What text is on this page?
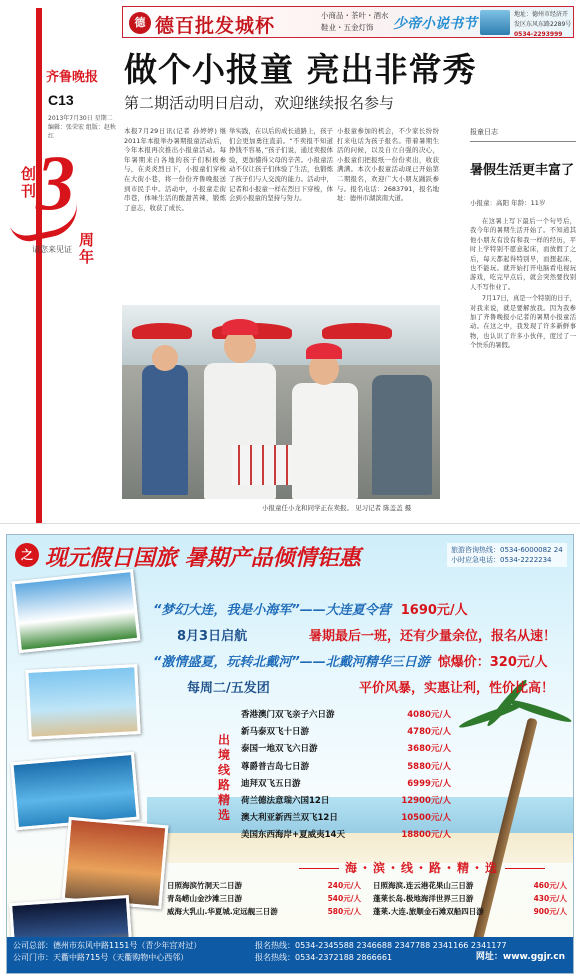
德 德百批发城杯	小商品・茶叶・酒水 鞋业・五金灯饰	少帝小说书节
地址：德州市经济开发区东风东路2289号
0534-2293999
齐鲁晚报
C13
2013年7月30日 星期二 编辑：张荣宏 组版：赵秋红
创刊 3
周年
请您来见证
做个小报童 亮出非常秀
第二期活动明日启动，欢迎继续报名参与
本报7月29日讯(记者 孙婷婷) 继2011年本报举办暑期报童活动后，今年本报再次推出小报童活动。每年暑期来自各地的孩子们积极参与，在炎炎烈日下，小报童们穿梭在大街小巷，将一份份齐鲁晚报送到市民手中。活动中，小报童走街串巷，体味生活的酸甜苦辣，锻炼了意志，收获了成长。
举实践，在以后的成长道路上，孩子们会更加勇往直前。“不卖报不知道挣钱不容易，”孩子们说，通过卖报体验，更加懂得父母的辛苦。小报童活动不仅让孩子们体验了生活，也锻炼了孩子们与人交流的能力。活动中，记者和小报童一样在烈日下穿梭，体会到小报童的坚持与努力。
小报童参加的机会，不少家长纷纷打来电话为孩子报名。带着暑期生活的问候，以及自立自强的决心，小报童们把报纸一份份卖出，收获满满。本次小报童活动现已开始第二期报名，欢迎广大小朋友踊跃参与。报名电话：2683791，报名地址：德州市湖滨南大道。
小报童任小龙和同学正在卖报。 见习记者 陈盖盖 摄
报童日志
暑假生活更丰富了
小报童：高阳 年龄：11岁

在这暑上写下最后一个句号后，我今年的暑期生活开始了。不知道其他小朋友有没有和我一样的经历，平时上学特别不愿意起床，而放假了之后，每天都起得特别早，而想起床，也不能玩。就开始打开电脑看电视玩游戏，吃完早点后，就会突然要找别人不写作业了。

7月17日，真是一个特别的日子，对我来说，就是要解放我。因为我参加了齐鲁晚报小记者的暑期小报童活动。在这之中，我发现了许多新鲜事物，也认识了许多小伙伴，度过了一个快乐的暑假。

之 现元假日国旅 暑期产品倾情钜惠	旅游咨询热线：0534-6000082 24小时应急电话：0534-2222234
“梦幻大连，我是小海军”——大连夏令营 1690元/人
8月3日启航	暑期最后一班，还有少量余位，报名从速！
“激情盛夏，玩转北戴河”——北戴河精华三日游 惊爆价：320元/人
每周二/五发团	平价风暴，实惠让利，性价比高！
出境线路精选
香港澳门双飞亲子六日游	4080元/人
新马泰双飞十日游	4780元/人
泰国一地双飞六日游	3680元/人
尊爵普吉岛七日游	5880元/人
迪拜双飞五日游	6999元/人
荷兰德法意瑞六国12日	12900元/人
澳大利亚新西兰双飞12日	10500元/人
美国东西海岸+夏威夷14天	18800元/人
海・滨・线・路・精・选
日照海滨竹洞天二日游	240元/人 日照海滨.连云港花果山三日游	460元/人
青岛崂山金沙滩三日游	540元/人 蓬莱长岛.极地海洋世界三日游	430元/人
威海大乳山.华夏城.定远舰三日游	580元/人 蓬莱.大连.旅顺金石滩双船四日游	900元/人
公司总部：德州市东风中路1151号（青少年宫对过）
公司门市：天衢中路715号（天衢购物中心西邻）
报名热线：0534-2345588 2346688 2347788 2341166 2341177
报名热线：0534-2372188 2866661	网址：www.ggjr.cn
